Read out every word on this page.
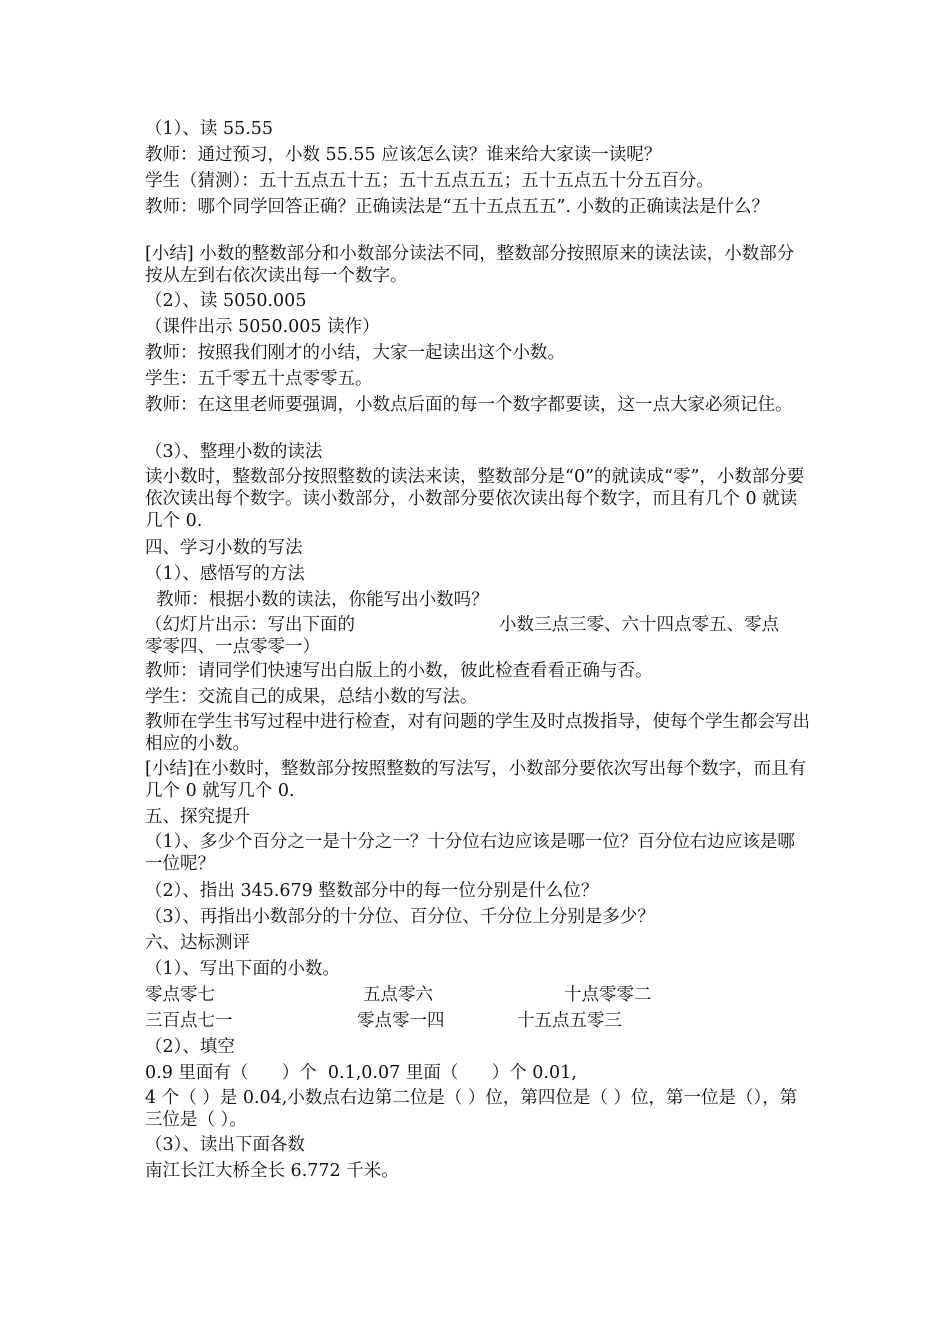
（1）、读 55.55
教师：通过预习，小数 55.55 应该怎么读？谁来给大家读一读呢？
学生（猜测）：五十五点五十五；五十五点五五；五十五点五十分五百分。
教师：哪个同学回答正确？正确读法是“五十五点五五”. 小数的正确读法是什么？
[小结] 小数的整数部分和小数部分读法不同，整数部分按照原来的读法读，小数部分按从左到右依次读出每一个数字。
（2）、读 5050.005
（课件出示 5050.005 读作）
教师：按照我们刚才的小结，大家一起读出这个小数。
学生：五千零五十点零零五。
教师：在这里老师要强调，小数点后面的每一个数字都要读，这一点大家必须记住。
（3）、整理小数的读法
读小数时，整数部分按照整数的读法来读，整数部分是“0”的就读成“零”，小数部分要依次读出每个数字。读小数部分，小数部分要依次读出每个数字，而且有几个 0 就读几个 0.
四、学习小数的写法
（1）、感悟写的方法
教师：根据小数的读法，你能写出小数吗？
（幻灯片出示：写出下面的	小数三点三零、六十四点零五、零点
零零四、一点零零一）
教师：请同学们快速写出白版上的小数，彼此检查看看正确与否。
学生：交流自己的成果，总结小数的写法。
教师在学生书写过程中进行检查，对有问题的学生及时点拨指导，使每个学生都会写出相应的小数。
[小结]在小数时，整数部分按照整数的写法写，小数部分要依次写出每个数字，而且有几个 0 就写几个 0.
五、探究提升
（1）、多少个百分之一是十分之一？十分位右边应该是哪一位？百分位右边应该是哪一位呢？
（2）、指出 345.679 整数部分中的每一位分别是什么位？
（3）、再指出小数部分的十分位、百分位、千分位上分别是多少？
六、达标测评
（1）、写出下面的小数。
零点零七	五点零六	十点零零二
三百点七一	零点零一四	十五点五零三
（2）、填空
0.9 里面有（      ）个  0.1,0.07 里面（      ）个 0.01,
4 个（ ）是 0.04,小数点右边第二位是（ ）位，第四位是（ ）位，第一位是（），第三位是（ ）。
（3）、读出下面各数
南江长江大桥全长 6.772 千米。
